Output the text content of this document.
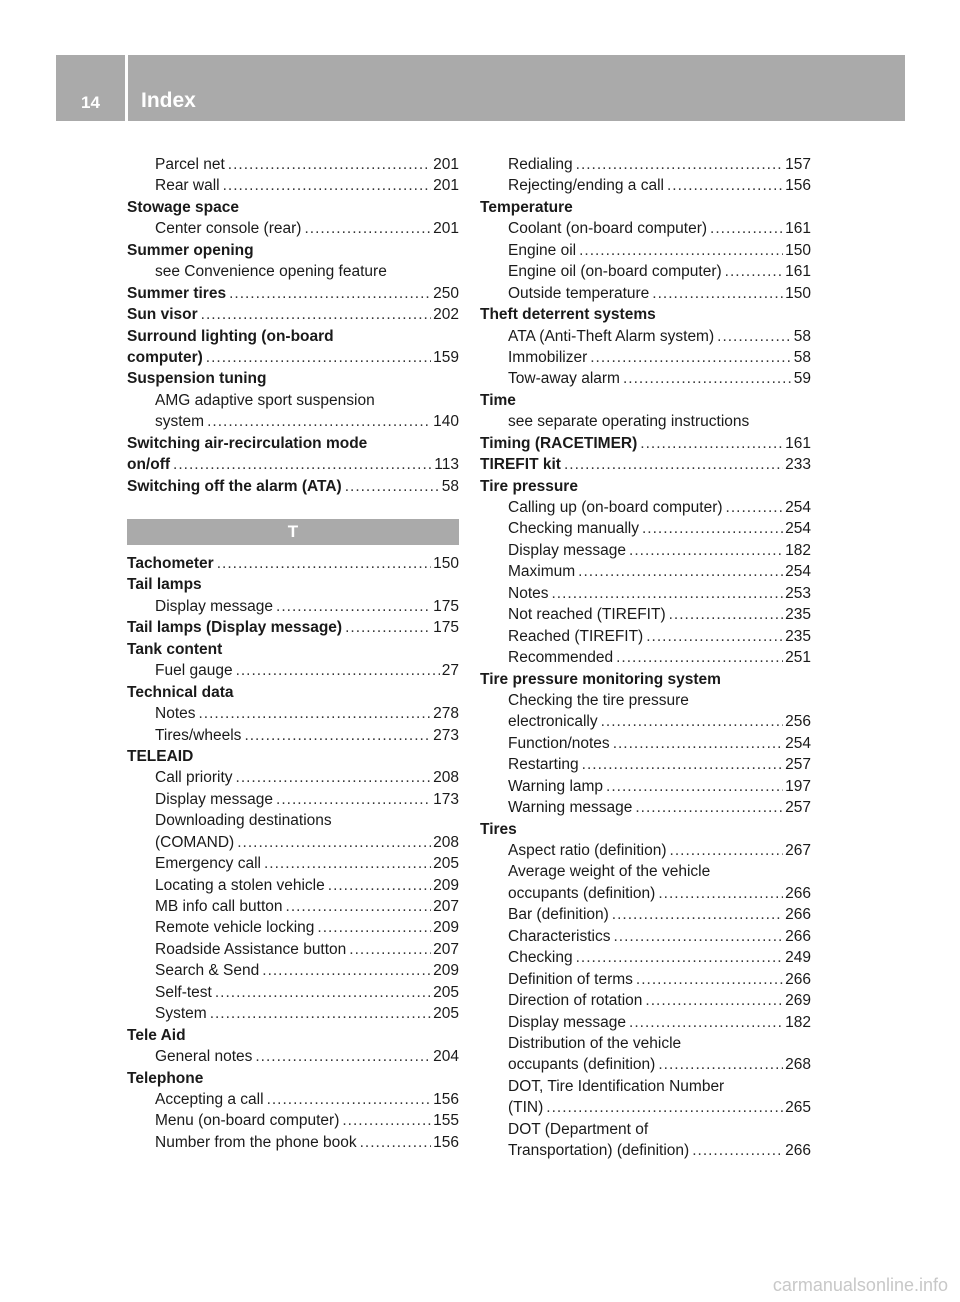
14	Index
Parcel net .....	201
Rear wall .....	201
Stowage space
Center console (rear) .....	201
Summer opening
see Convenience opening feature
Summer tires .....	250
Sun visor .....	202
Surround lighting (on-board
computer) .....	159
Suspension tuning
AMG adaptive sport suspension
system .....	140
Switching air-recirculation mode
on/off .....	113
Switching off the alarm (ATA) .....	58
T
Tachometer .....	150
Tail lamps
Display message .....	175
Tail lamps (Display message) .....	175
Tank content
Fuel gauge .....	27
Technical data
Notes .....	278
Tires/wheels .....	273
TELEAID
Call priority .....	208
Display message .....	173
Downloading destinations
(COMAND) .....	208
Emergency call .....	205
Locating a stolen vehicle .....	209
MB info call button .....	207
Remote vehicle locking .....	209
Roadside Assistance button .....	207
Search & Send .....	209
Self-test .....	205
System .....	205
Tele Aid
General notes .....	204
Telephone
Accepting a call .....	156
Menu (on-board computer) .....	155
Number from the phone book .....	156
Redialing .....	157
Rejecting/ending a call .....	156
Temperature
Coolant (on-board computer) .....	161
Engine oil .....	150
Engine oil (on-board computer) .....	161
Outside temperature .....	150
Theft deterrent systems
ATA (Anti-Theft Alarm system) .....	58
Immobilizer .....	58
Tow-away alarm .....	59
Time
see separate operating instructions
Timing (RACETIMER) .....	161
TIREFIT kit .....	233
Tire pressure
Calling up (on-board computer) .....	254
Checking manually .....	254
Display message .....	182
Maximum .....	254
Notes .....	253
Not reached (TIREFIT) .....	235
Reached (TIREFIT) .....	235
Recommended .....	251
Tire pressure monitoring system
Checking the tire pressure
electronically .....	256
Function/notes .....	254
Restarting .....	257
Warning lamp .....	197
Warning message .....	257
Tires
Aspect ratio (definition) .....	267
Average weight of the vehicle
occupants (definition) .....	266
Bar (definition) .....	266
Characteristics .....	266
Checking .....	249
Definition of terms .....	266
Direction of rotation .....	269
Display message .....	182
Distribution of the vehicle
occupants (definition) .....	268
DOT, Tire Identification Number
(TIN) .....	265
DOT (Department of
Transportation) (definition) .....	266
carmanualsonline.info
